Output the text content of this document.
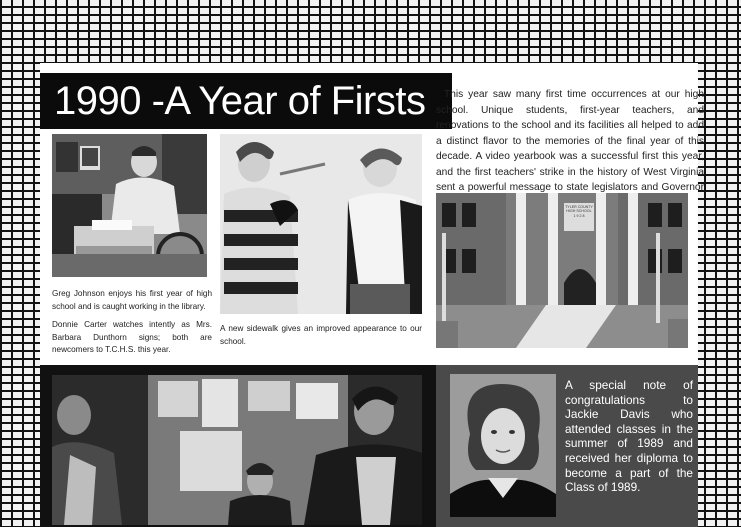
1990 -A Year of Firsts	This year saw many first time occurrences at our high school. Unique students, first-year teachers, and renovations to the school and its facilities all helped to add a distinct flavor to the memories of the final year of this decade. A video yearbook was a successful first this year, and the first teachers' strike in the history of West Virginia sent a powerful message to state legislators and Governor

Greg Johnson enjoys his first year of high school and is caught working in the library.
Donnie Carter watches intently as Mrs. Barbara Dunthorn signs; both are newcomers to T.C.H.S. this year.
A new sidewalk gives an improved appearance to our school.
TYLER COUNTY
HIGH SCHOOL
1 9 2 8

A special note of congratulations to Jackie Davis who attended classes in the summer of 1989 and received her diploma to become a part of the Class of 1989.
